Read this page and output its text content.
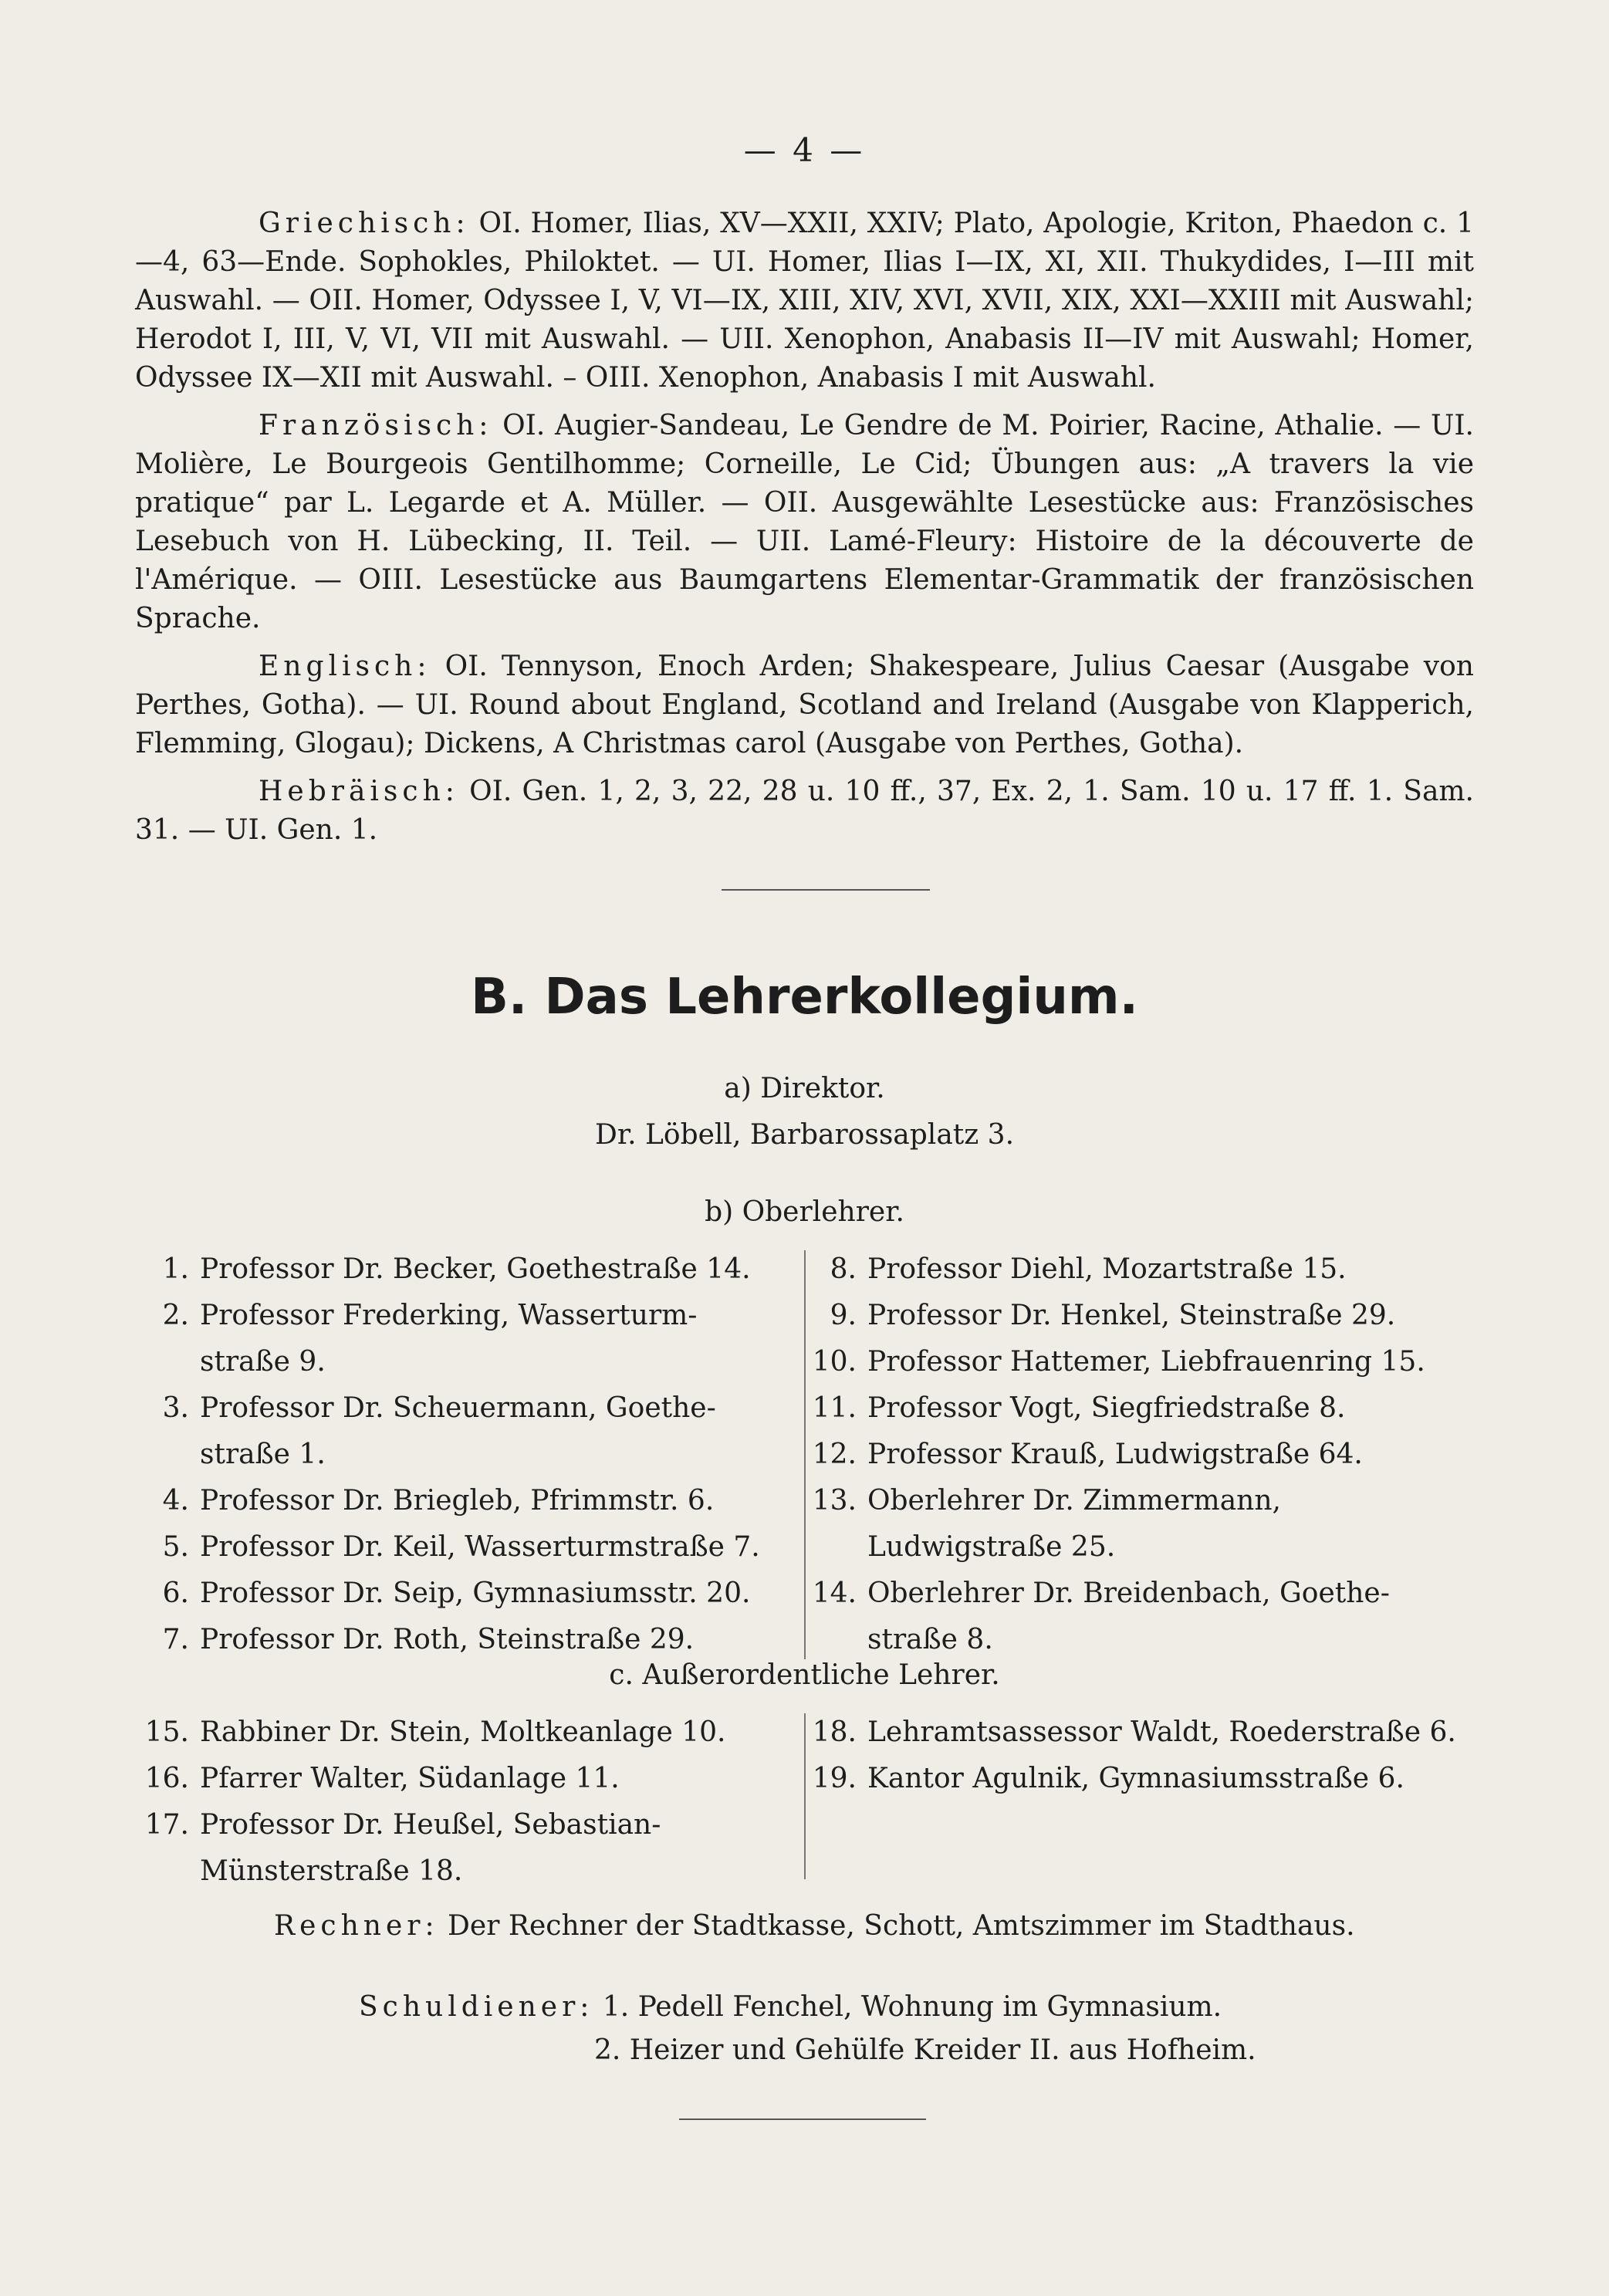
— 4 —

Griechisch: OI. Homer, Ilias, XV—XXII, XXIV; Plato, Apologie, Kriton, Phaedon c. 1—4, 63—Ende. Sophokles, Philoktet. — UI. Homer, Ilias I—IX, XI, XII. Thukydides, I—III mit Auswahl. — OII. Homer, Odyssee I, V, VI—IX, XIII, XIV, XVI, XVII, XIX, XXI—XXIII mit Auswahl; Herodot I, III, V, VI, VII mit Auswahl. — UII. Xenophon, Anabasis II—IV mit Auswahl; Homer, Odyssee IX—XII mit Auswahl. – OIII. Xenophon, Anabasis I mit Auswahl.

Französisch: OI. Augier-Sandeau, Le Gendre de M. Poirier, Racine, Athalie. — UI. Molière, Le Bourgeois Gentilhomme; Corneille, Le Cid; Übungen aus: „A travers la vie pratique“ par L. Legarde et A. Müller. — OII. Ausgewählte Lesestücke aus: Französisches Lesebuch von H. Lübecking, II. Teil. — UII. Lamé-Fleury: Histoire de la découverte de l'Amérique. — OIII. Lesestücke aus Baumgartens Elementar-Grammatik der französischen Sprache.

Englisch: OI. Tennyson, Enoch Arden; Shakespeare, Julius Caesar (Ausgabe von Perthes, Gotha). — UI. Round about England, Scotland and Ireland (Ausgabe von Klapperich, Flemming, Glogau); Dickens, A Christmas carol (Ausgabe von Perthes, Gotha).

Hebräisch: OI. Gen. 1, 2, 3, 22, 28 u. 10 ff., 37, Ex. 2, 1. Sam. 10 u. 17 ff. 1. Sam. 31. — UI. Gen. 1.

B. Das Lehrerkollegium.
a) Direktor.
Dr. Löbell, Barbarossaplatz 3.
b) Oberlehrer.
1. Professor Dr. Becker, Goethestraße 14.
2. Professor Frederking, Wasserturm-
straße 9.
3. Professor Dr. Scheuermann, Goethe-
straße 1.
4. Professor Dr. Briegleb, Pfrimmstr. 6.
5. Professor Dr. Keil, Wasserturmstraße 7.
6. Professor Dr. Seip, Gymnasiumsstr. 20.
7. Professor Dr. Roth, Steinstraße 29.
8. Professor Diehl, Mozartstraße 15.
9. Professor Dr. Henkel, Steinstraße 29.
10. Professor Hattemer, Liebfrauenring 15.
11. Professor Vogt, Siegfriedstraße 8.
12. Professor Krauß, Ludwigstraße 64.
13. Oberlehrer Dr. Zimmermann,
Ludwigstraße 25.
14. Oberlehrer Dr. Breidenbach, Goethe-
straße 8.
c. Außerordentliche Lehrer.
15. Rabbiner Dr. Stein, Moltkeanlage 10.
16. Pfarrer Walter, Südanlage 11.
17. Professor Dr. Heußel, Sebastian-
Münsterstraße 18.
18. Lehramtsassessor Waldt, Roederstraße 6.
19. Kantor Agulnik, Gymnasiumsstraße 6.
Rechner: Der Rechner der Stadtkasse, Schott, Amtszimmer im Stadthaus.
Schuldiener: 1. Pedell Fenchel, Wohnung im Gymnasium.
2. Heizer und Gehülfe Kreider II. aus Hofheim.
